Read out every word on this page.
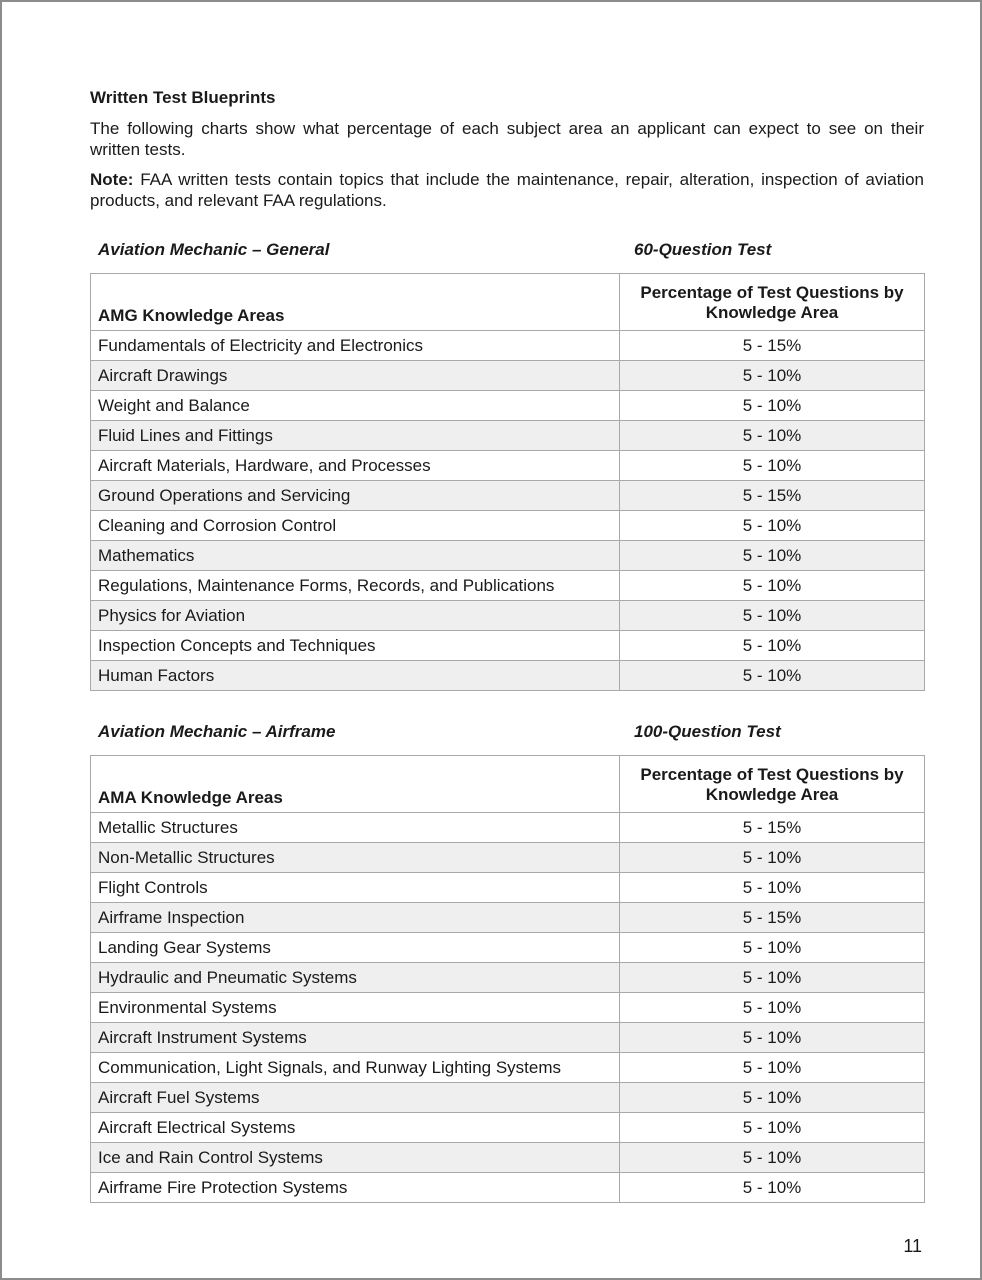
Written Test Blueprints

The following charts show what percentage of each subject area an applicant can expect to see on their written tests.

Note: FAA written tests contain topics that include the maintenance, repair, alteration, inspection of aviation products, and relevant FAA regulations.

Aviation Mechanic – General	60-Question Test
AMG Knowledge Areas	Percentage of Test Questions by Knowledge Area
Fundamentals of Electricity and Electronics	5 - 15%
Aircraft Drawings	5 - 10%
Weight and Balance	5 - 10%
Fluid Lines and Fittings	5 - 10%
Aircraft Materials, Hardware, and Processes	5 - 10%
Ground Operations and Servicing	5 - 15%
Cleaning and Corrosion Control	5 - 10%
Mathematics	5 - 10%
Regulations, Maintenance Forms, Records, and Publications	5 - 10%
Physics for Aviation	5 - 10%
Inspection Concepts and Techniques	5 - 10%
Human Factors	5 - 10%
Aviation Mechanic – Airframe	100-Question Test
AMA Knowledge Areas	Percentage of Test Questions by Knowledge Area
Metallic Structures	5 - 15%
Non-Metallic Structures	5 - 10%
Flight Controls	5 - 10%
Airframe Inspection	5 - 15%
Landing Gear Systems	5 - 10%
Hydraulic and Pneumatic Systems	5 - 10%
Environmental Systems	5 - 10%
Aircraft Instrument Systems	5 - 10%
Communication, Light Signals, and Runway Lighting Systems	5 - 10%
Aircraft Fuel Systems	5 - 10%
Aircraft Electrical Systems	5 - 10%
Ice and Rain Control Systems	5 - 10%
Airframe Fire Protection Systems	5 - 10%
11
